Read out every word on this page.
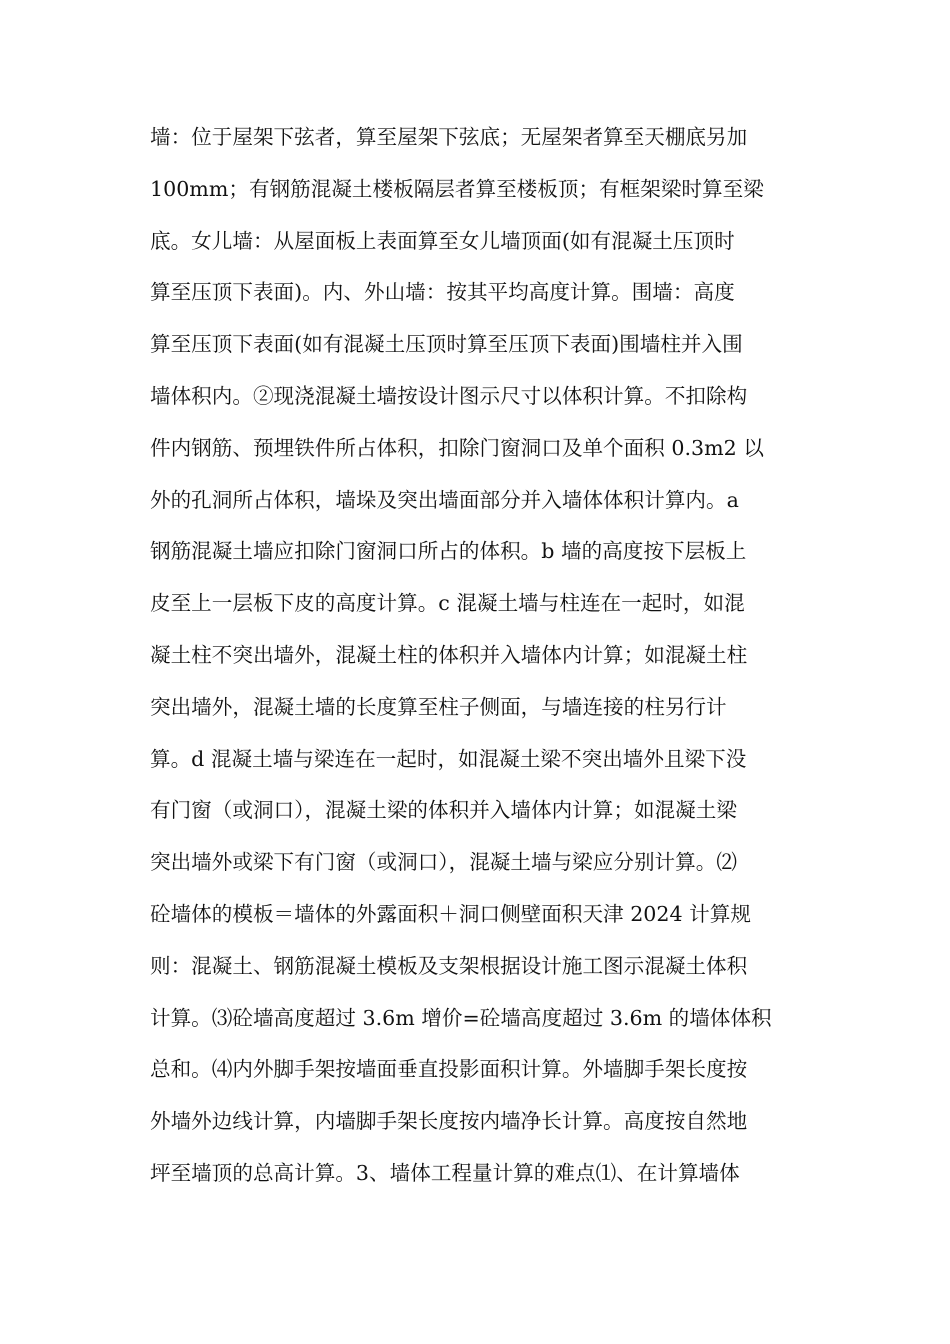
墙：位于屋架下弦者，算至屋架下弦底；无屋架者算至天棚底另加
100mm；有钢筋混凝土楼板隔层者算至楼板顶；有框架梁时算至梁
底。女儿墙：从屋面板上表面算至女儿墙顶面(如有混凝土压顶时
算至压顶下表面)。内、外山墙：按其平均高度计算。围墙：高度
算至压顶下表面(如有混凝土压顶时算至压顶下表面)围墙柱并入围
墙体积内。②现浇混凝土墙按设计图示尺寸以体积计算。不扣除构
件内钢筋、预埋铁件所占体积，扣除门窗洞口及单个面积 0.3m2 以
外的孔洞所占体积，墙垛及突出墙面部分并入墙体体积计算内。a
钢筋混凝土墙应扣除门窗洞口所占的体积。b 墙的高度按下层板上
皮至上一层板下皮的高度计算。c 混凝土墙与柱连在一起时，如混
凝土柱不突出墙外，混凝土柱的体积并入墙体内计算；如混凝土柱
突出墙外，混凝土墙的长度算至柱子侧面，与墙连接的柱另行计
算。d 混凝土墙与梁连在一起时，如混凝土梁不突出墙外且梁下没
有门窗（或洞口），混凝土梁的体积并入墙体内计算；如混凝土梁
突出墙外或梁下有门窗（或洞口），混凝土墙与梁应分别计算。⑵
砼墙体的模板＝墙体的外露面积＋洞口侧壁面积天津 2024 计算规
则：混凝土、钢筋混凝土模板及支架根据设计施工图示混凝土体积
计算。⑶砼墙高度超过 3.6m 增价=砼墙高度超过 3.6m 的墙体体积
总和。⑷内外脚手架按墙面垂直投影面积计算。外墙脚手架长度按
外墙外边线计算，内墙脚手架长度按内墙净长计算。高度按自然地
坪至墙顶的总高计算。3、墙体工程量计算的难点⑴、在计算墙体
